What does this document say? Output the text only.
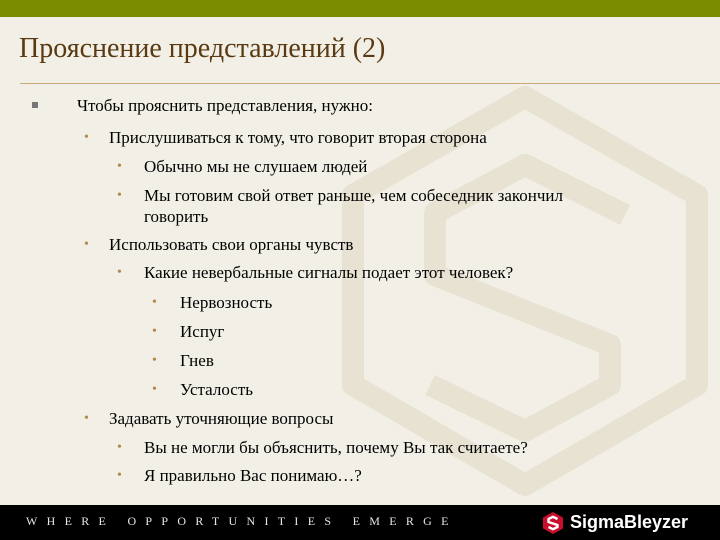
Прояснение представлений (2)
Чтобы прояснить представления, нужно:
• Прислушиваться к тому, что говорит вторая сторона
• Обычно мы не слушаем людей
• Мы готовим свой ответ раньше, чем собеседник закончил
говорить
• Использовать свои органы чувств
• Какие невербальные сигналы подает этот человек?
• Нервозность
• Испуг
• Гнев
• Усталость
• Задавать уточняющие вопросы
• Вы не могли бы объяснить, почему Вы так считаете?
• Я правильно Вас понимаю…?
WHERE OPPORTUNITIES EMERGE	SigmaBleyzer
